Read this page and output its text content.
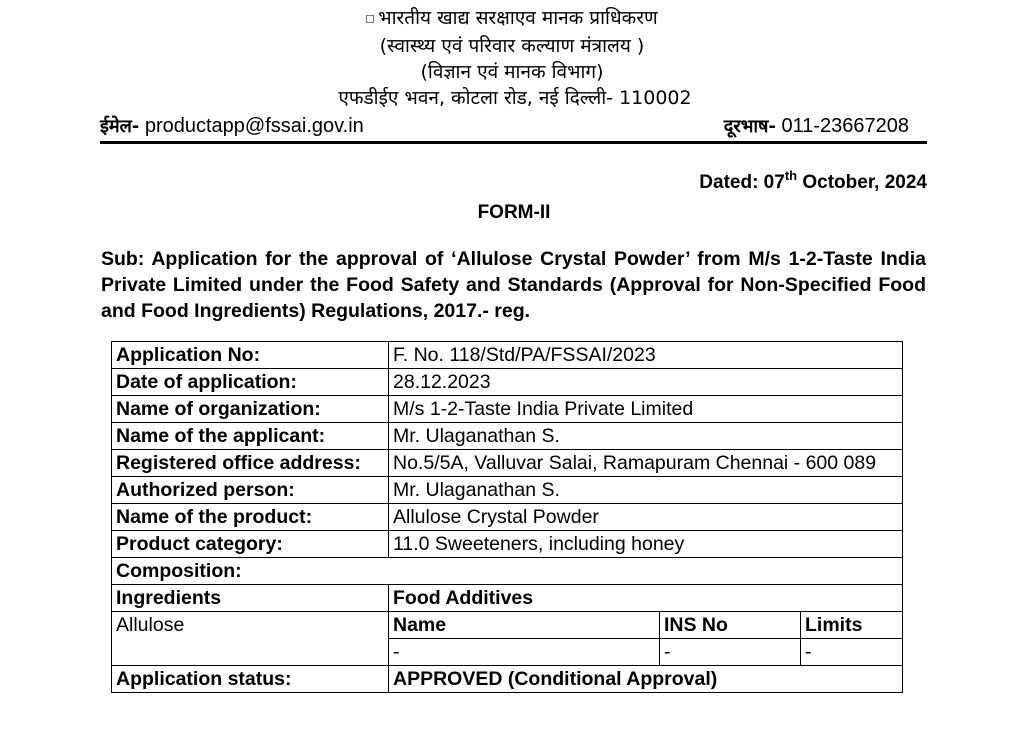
भारतीय खाद्य सरक्षाएव मानक प्राधिकरण
(स्वास्थ्य एवं परिवार कल्याण मंत्रालय )
(विज्ञान एवं मानक विभाग)
एफडीईए भवन, कोटला रोड, नई दिल्ली- 110002
ईमेल- productapp@fssai.gov.in	दूरभाष- 011-23667208
Dated: 07th October, 2024
FORM-II
Sub: Application for the approval of ‘Allulose Crystal Powder’ from M/s 1-2-Taste India Private Limited under the Food Safety and Standards (Approval for Non-Specified Food and Food Ingredients) Regulations, 2017.- reg.
Application No:	F. No. 118/Std/PA/FSSAI/2023		
Date of application:	28.12.2023		
Name of organization:	M/s 1-2-Taste India Private Limited		
Name of the applicant:	Mr. Ulaganathan S.		
Registered office address:	No.5/5A, Valluvar Salai, Ramapuram Chennai - 600 089		
Authorized person:	Mr. Ulaganathan S.		
Name of the product:	Allulose Crystal Powder		
Product category:	11.0 Sweeteners, including honey		
Composition:			
Ingredients	Food Additives		
Allulose	Name	INS No	Limits
	-	-	-
Application status:	APPROVED (Conditional Approval)		
